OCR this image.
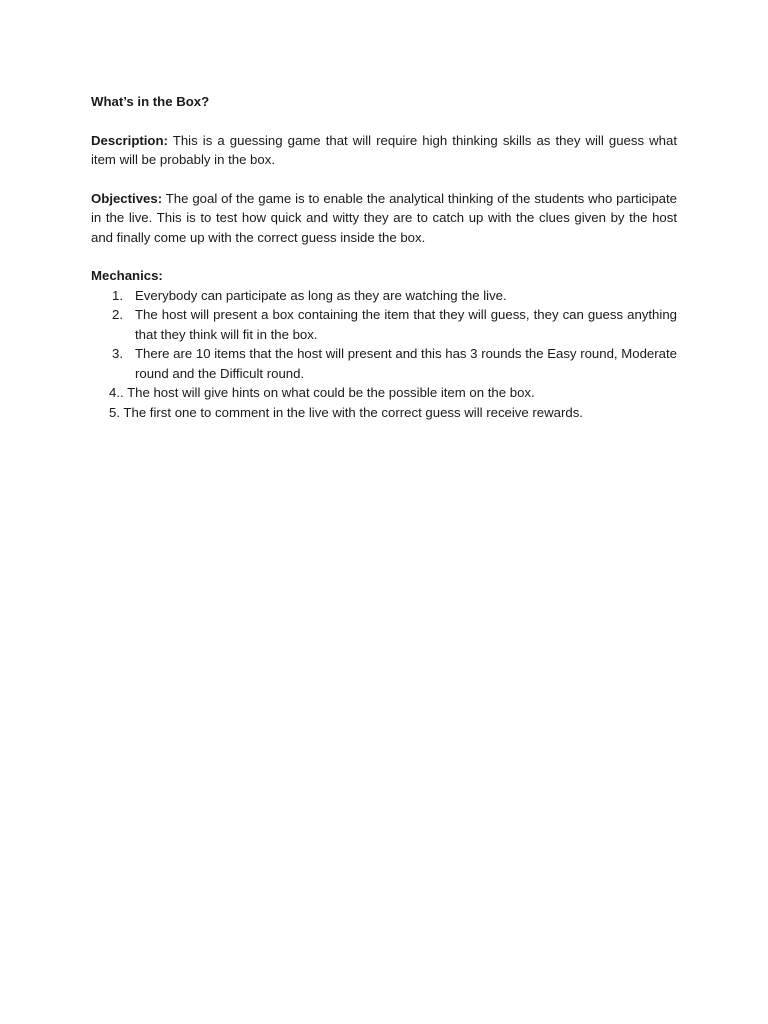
What’s in the Box?

Description: This is a guessing game that will require high thinking skills as they will guess what item will be probably in the box.

Objectives: The goal of the game is to enable the analytical thinking of the students who participate in the live. This is to test how quick and witty they are to catch up with the clues given by the host and finally come up with the correct guess inside the box.

Mechanics:

1. Everybody can participate as long as they are watching the live.
2. The host will present a box containing the item that they will guess, they can guess anything that they think will fit in the box.
3. There are 10 items that the host will present and this has 3 rounds the Easy round, Moderate round and the Difficult round.
4.. The host will give hints on what could be the possible item on the box.
5. The first one to comment in the live with the correct guess will receive rewards.
